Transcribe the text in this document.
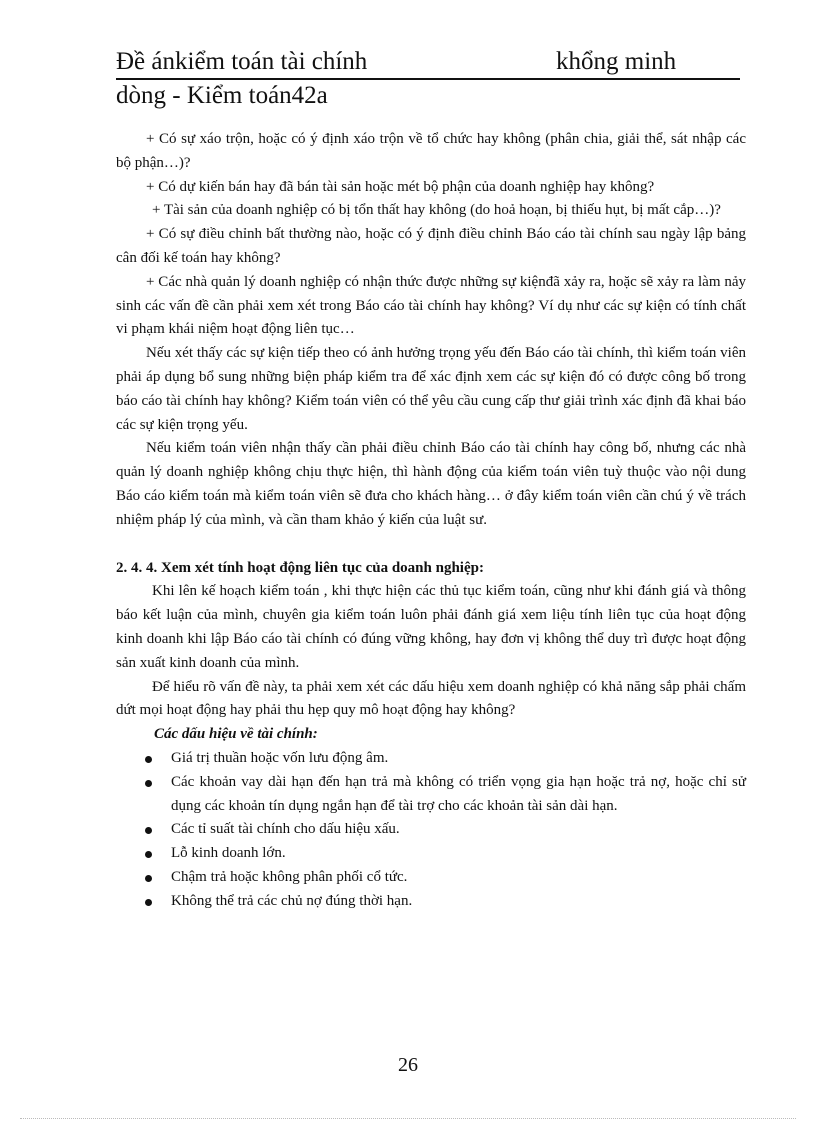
Đề ánkiểm toán tài chính	khổng minh
dòng - Kiểm toán42a

+ Có sự xáo trộn, hoặc có ý định xáo trộn về tổ chức hay không (phân chia, giải thể, sát nhập các bộ phận…)?

+ Có dự kiến bán hay đã bán tài sản hoặc mét bộ phận của doanh nghiệp hay không?

+ Tài sản của doanh nghiệp có bị tổn thất hay không (do hoả hoạn, bị thiếu hụt, bị mất cắp…)?

+ Có sự điều chỉnh bất thường nào, hoặc có ý định điều chỉnh Báo cáo tài chính sau ngày lập bảng cân đối kế toán hay không?

+ Các nhà quản lý doanh nghiệp có nhận thức được những sự kiệnđã xảy ra, hoặc sẽ xảy ra làm nảy sinh các vấn đề cần phải xem xét trong Báo cáo tài chính hay không? Ví dụ như các sự kiện có tính chất vi phạm khái niệm hoạt động liên tục…

Nếu xét thấy các sự kiện tiếp theo có ảnh hưởng trọng yếu đến Báo cáo tài chính, thì kiểm toán viên phải áp dụng bổ sung những biện pháp kiểm tra để xác định xem các sự kiện đó có được công bố trong báo cáo tài chính hay không? Kiểm toán viên có thể yêu cầu cung cấp thư giải trình xác định đã khai báo các sự kiện trọng yếu.

Nếu kiểm toán viên nhận thấy cần phải điều chỉnh Báo cáo tài chính hay công bố, nhưng các nhà quản lý doanh nghiệp không chịu thực hiện, thì hành động của kiểm toán viên tuỳ thuộc vào nội dung Báo cáo kiểm toán mà kiểm toán viên sẽ đưa cho khách hàng… ở đây kiểm toán viên cần chú ý về trách nhiệm pháp lý của mình, và cần tham khảo ý kiến của luật sư.

2. 4. 4. Xem xét tính hoạt động liên tục của doanh nghiệp:

Khi lên kế hoạch kiểm toán , khi thực hiện các thủ tục kiểm toán, cũng như khi đánh giá và thông báo kết luận của mình, chuyên gia kiểm toán luôn phải đánh giá xem liệu tính liên tục của hoạt động kinh doanh khi lập Báo cáo tài chính có đúng vững không, hay đơn vị không thể duy trì được hoạt động sản xuất kinh doanh của mình.

Để hiểu rõ vấn đề này, ta phải xem xét các dấu hiệu xem doanh nghiệp có khả năng sắp phải chấm dứt mọi hoạt động hay phải thu hẹp quy mô hoạt động hay không?

Các dấu hiệu về tài chính:

Giá trị thuần hoặc vốn lưu động âm.
Các khoản vay dài hạn đến hạn trả mà không có triển vọng gia hạn hoặc trả nợ, hoặc chỉ sử dụng các khoản tín dụng ngắn hạn để tài trợ cho các khoản tài sản dài hạn.
Các tỉ suất tài chính cho dấu hiệu xấu.
Lỗ kinh doanh lớn.
Chậm trả hoặc không phân phối cổ tức.
Không thể trả các chủ nợ đúng thời hạn.
26
